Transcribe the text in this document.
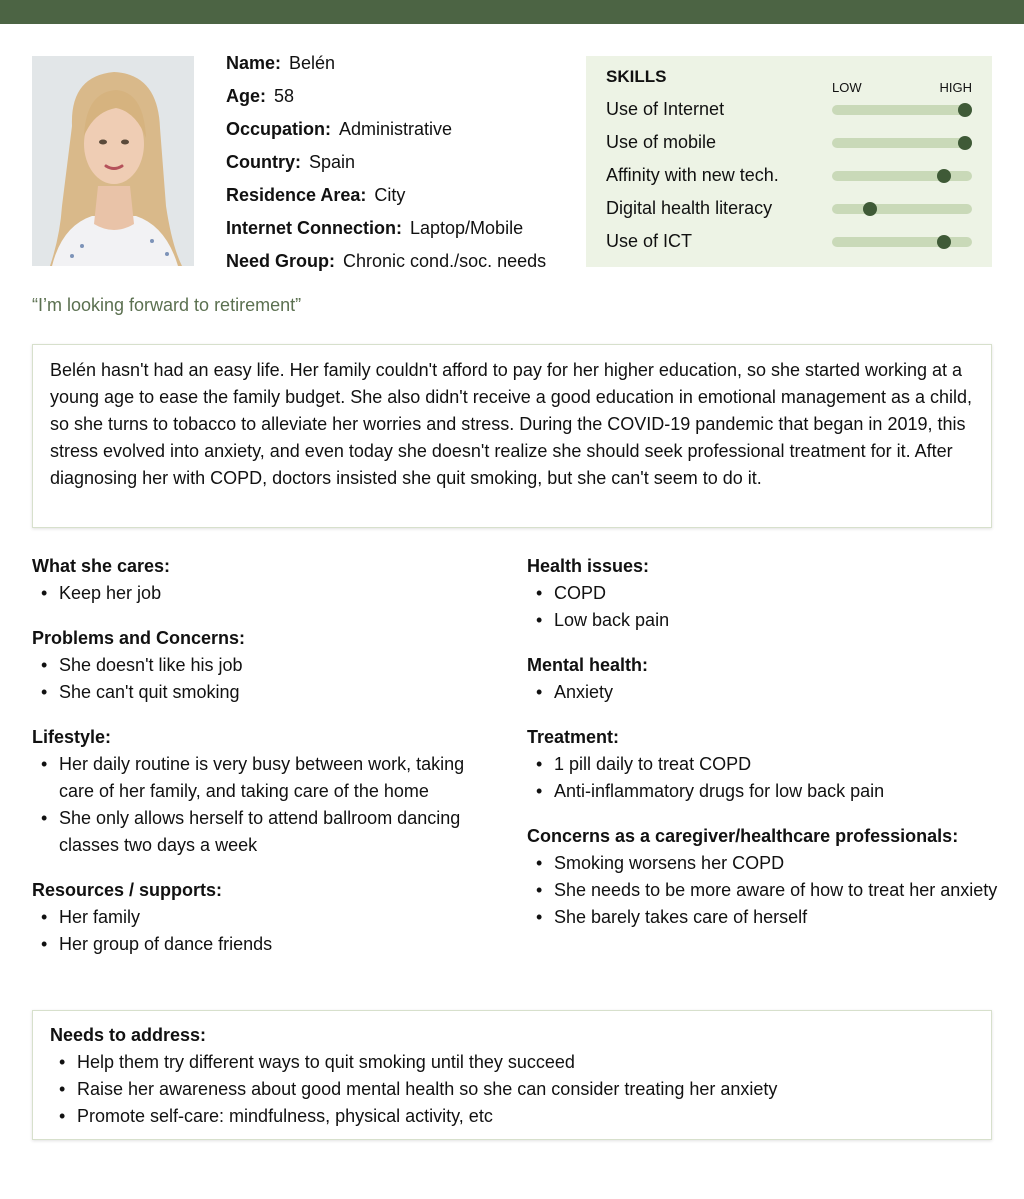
Name: Belén
Age: 58
Occupation: Administrative
Country: Spain
Residence Area: City
Internet Connection: Laptop/Mobile
Need Group: Chronic cond./soc. needs
SKILLS
LOW	HIGH
Use of Internet
Use of mobile
Affinity with new tech.
Digital health literacy
Use of ICT
“I’m looking forward to retirement”
Belén hasn't had an easy life. Her family couldn't afford to pay for her higher education, so she started working at a young age to ease the family budget. She also didn't receive a good education in emotional management as a child, so she turns to tobacco to alleviate her worries and stress. During the COVID-19 pandemic that began in 2019, this stress evolved into anxiety, and even today she doesn't realize she should seek professional treatment for it. After diagnosing her with COPD, doctors insisted she quit smoking, but she can't seem to do it.
What she cares:
• Keep her job
Problems and Concerns:
• She doesn't like his job
• She can't quit smoking
Lifestyle:
• Her daily routine is very busy between work, taking care of her family, and taking care of the home
• She only allows herself to attend ballroom dancing classes two days a week
Resources / supports:
• Her family
• Her group of dance friends
Health issues:
• COPD
• Low back pain
Mental health:
• Anxiety
Treatment:
• 1 pill daily to treat COPD
• Anti-inflammatory drugs for low back pain
Concerns as a caregiver/healthcare professionals:
• Smoking worsens her COPD
• She needs to be more aware of how to treat her anxiety
• She barely takes care of herself
Needs to address:
• Help them try different ways to quit smoking until they succeed
• Raise her awareness about good mental health so she can consider treating her anxiety
• Promote self-care: mindfulness, physical activity, etc
